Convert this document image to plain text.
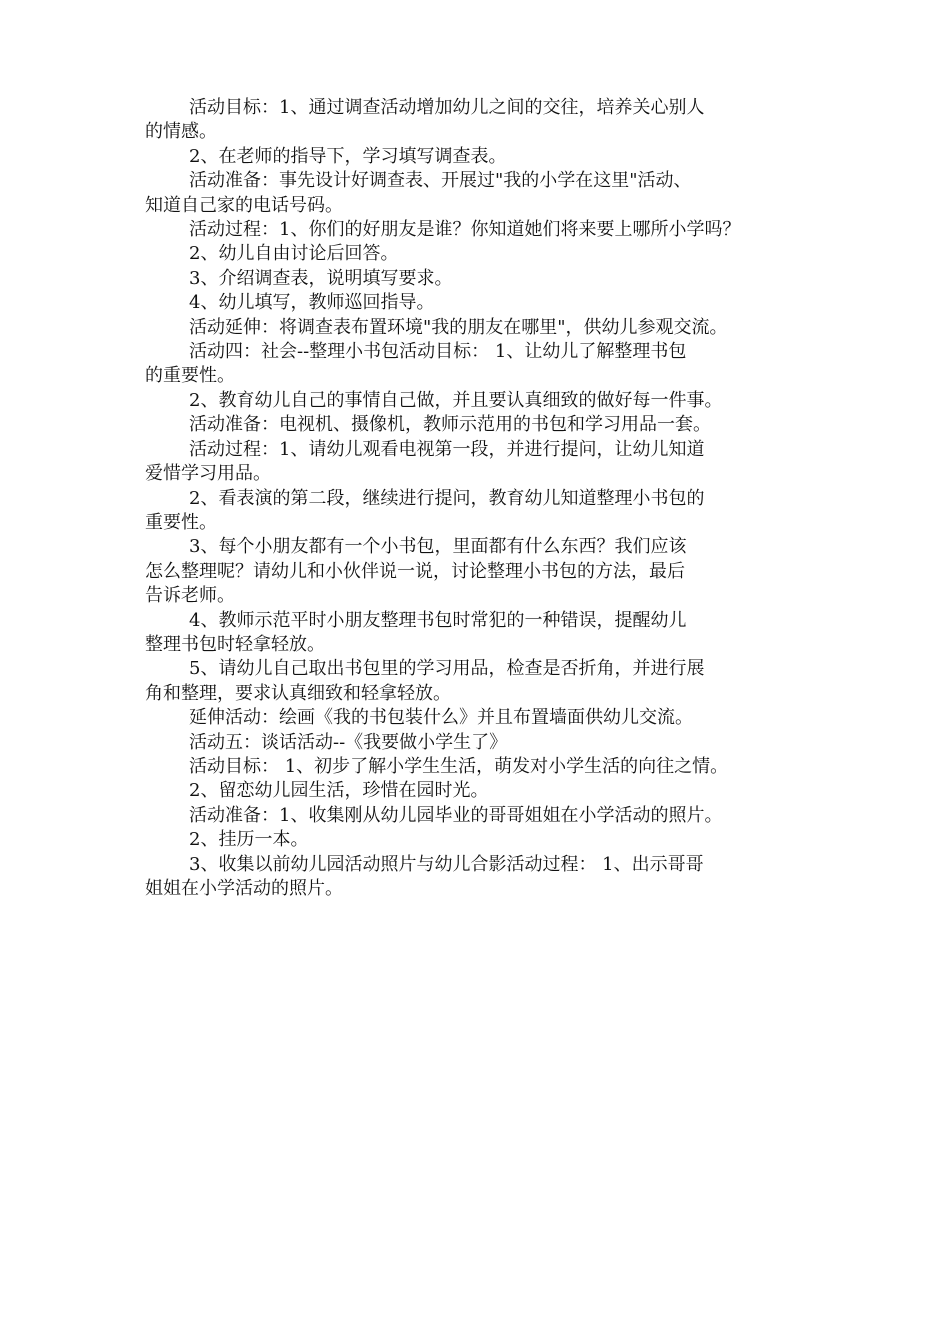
活动目标：1、通过调查活动增加幼儿之间的交往，培养关心别人
的情感。

2、在老师的指导下，学习填写调查表。

活动准备：事先设计好调查表、开展过"我的小学在这里"活动、
知道自己家的电话号码。

活动过程：1、你们的好朋友是谁？你知道她们将来要上哪所小学吗？

2、幼儿自由讨论后回答。

3、介绍调查表，说明填写要求。

4、幼儿填写，教师巡回指导。

活动延伸：将调查表布置环境"我的朋友在哪里"，供幼儿参观交流。

活动四：社会--整理小书包活动目标： 1、让幼儿了解整理书包
的重要性。

2、教育幼儿自己的事情自己做，并且要认真细致的做好每一件事。

活动准备：电视机、摄像机，教师示范用的书包和学习用品一套。

活动过程：1、请幼儿观看电视第一段，并进行提问，让幼儿知道
爱惜学习用品。

2、看表演的第二段，继续进行提问，教育幼儿知道整理小书包的
重要性。

3、每个小朋友都有一个小书包，里面都有什么东西？我们应该
怎么整理呢？请幼儿和小伙伴说一说，讨论整理小书包的方法，最后
告诉老师。

4、教师示范平时小朋友整理书包时常犯的一种错误，提醒幼儿
整理书包时轻拿轻放。

5、请幼儿自己取出书包里的学习用品，检查是否折角，并进行展
角和整理，要求认真细致和轻拿轻放。

延伸活动：绘画《我的书包装什么》并且布置墙面供幼儿交流。

活动五：谈话活动--《我要做小学生了》

活动目标： 1、初步了解小学生生活，萌发对小学生活的向往之情。

2、留恋幼儿园生活，珍惜在园时光。

活动准备：1、收集刚从幼儿园毕业的哥哥姐姐在小学活动的照片。

2、挂历一本。

3、收集以前幼儿园活动照片与幼儿合影活动过程： 1、出示哥哥
姐姐在小学活动的照片。
